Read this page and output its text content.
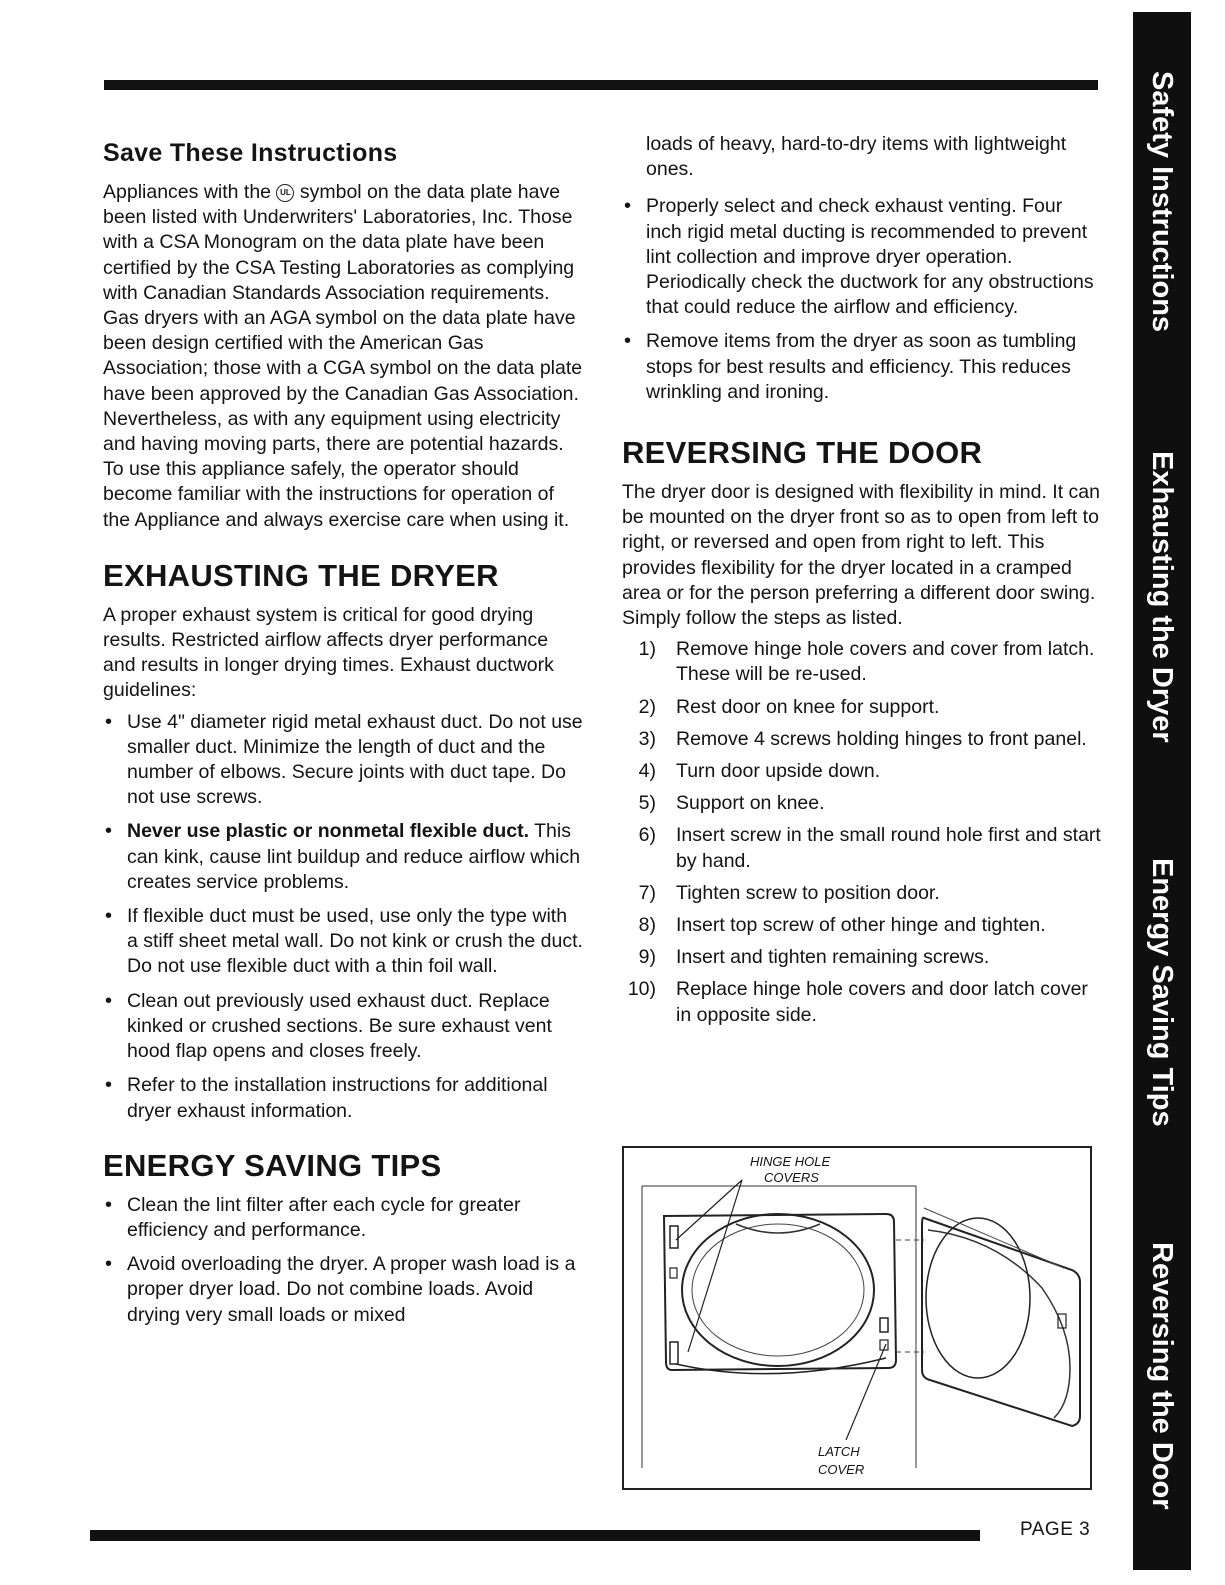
Save These Instructions

Appliances with the UL symbol on the data plate have been listed with Underwriters' Laboratories, Inc. Those with a CSA Monogram on the data plate have been certified by the CSA Testing Laboratories as complying with Canadian Standards Association requirements. Gas dryers with an AGA symbol on the data plate have been design certified with the American Gas Association; those with a CGA symbol on the data plate have been approved by the Canadian Gas Association. Nevertheless, as with any equipment using electricity and having moving parts, there are potential hazards. To use this appliance safely, the operator should become familiar with the instructions for operation of the Appliance and always exercise care when using it.

EXHAUSTING THE DRYER

A proper exhaust system is critical for good drying results. Restricted airflow affects dryer performance and results in longer drying times. Exhaust ductwork guidelines:

• Use 4" diameter rigid metal exhaust duct. Do not use smaller duct. Minimize the length of duct and the number of elbows. Secure joints with duct tape. Do not use screws.
• Never use plastic or nonmetal flexible duct. This can kink, cause lint buildup and reduce airflow which creates service problems.
• If flexible duct must be used, use only the type with a stiff sheet metal wall. Do not kink or crush the duct. Do not use flexible duct with a thin foil wall.
• Clean out previously used exhaust duct. Replace kinked or crushed sections. Be sure exhaust vent hood flap opens and closes freely.
• Refer to the installation instructions for additional dryer exhaust information.
ENERGY SAVING TIPS
• Clean the lint filter after each cycle for greater efficiency and performance.
• Avoid overloading the dryer. A proper wash load is a proper dryer load. Do not combine loads. Avoid drying very small loads or mixed
loads of heavy, hard-to-dry items with lightweight ones.
• Properly select and check exhaust venting. Four inch rigid metal ducting is recommended to prevent lint collection and improve dryer operation. Periodically check the ductwork for any obstructions that could reduce the airflow and efficiency.
• Remove items from the dryer as soon as tumbling stops for best results and efficiency. This reduces wrinkling and ironing.
REVERSING THE DOOR

The dryer door is designed with flexibility in mind. It can be mounted on the dryer front so as to open from left to right, or reversed and open from right to left. This provides flexibility for the dryer located in a cramped area or for the person preferring a different door swing. Simply follow the steps as listed.

1) Remove hinge hole covers and cover from latch. These will be re-used.
2) Rest door on knee for support.
3) Remove 4 screws holding hinges to front panel.
4) Turn door upside down.
5) Support on knee.
6) Insert screw in the small round hole first and start by hand.
7) Tighten screw to position door.
8) Insert top screw of other hinge and tighten.
9) Insert and tighten remaining screws.
10) Replace hinge hole covers and door latch cover in opposite side.
HINGE HOLE
COVERS
LATCH
COVER
PAGE 3
Safety Instructions
Exhausting the Dryer
Energy Saving Tips
Reversing the Door
